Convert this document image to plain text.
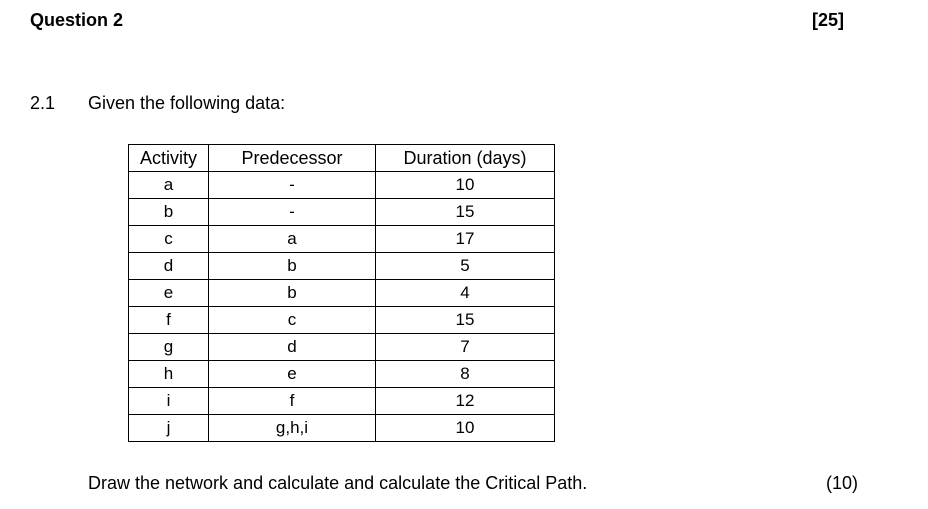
Question 2	[25]
2.1 Given the following data:
Activity	Predecessor	Duration (days)
a	-	10
b	-	15
c	a	17
d	b	5
e	b	4
f	c	15
g	d	7
h	e	8
i	f	12
j	g,h,i	10
Draw the network and calculate and calculate the Critical Path.	(10)
